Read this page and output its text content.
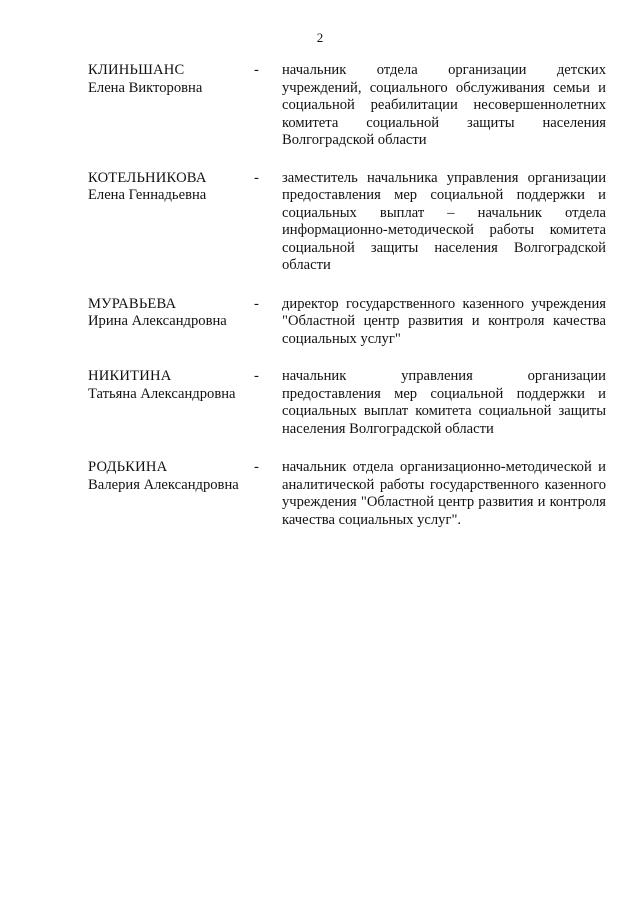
2
КЛИНЬШАНС
Елена Викторовна
-	начальник отдела организации детских учреждений, социального обслуживания семьи и социальной реабилитации несовершеннолетних комитета социальной защиты населения Волгоградской области
КОТЕЛЬНИКОВА
Елена Геннадьевна
-	заместитель начальника управления организации предоставления мер социальной поддержки и социальных выплат – начальник отдела информационно-методической работы комитета социальной защиты населения Волгоградской области
МУРАВЬЕВА
Ирина Александровна
-	директор государственного казенного учреждения "Областной центр развития и контроля качества социальных услуг"
НИКИТИНА
Татьяна Александровна
-	начальник управления организации предоставления мер социальной поддержки и социальных выплат комитета социальной защиты населения Волгоградской области
РОДЬКИНА
Валерия Александровна
-	начальник отдела организационно-методической и аналитической работы государственного казенного учреждения "Областной центр развития и контроля качества социальных услуг".
